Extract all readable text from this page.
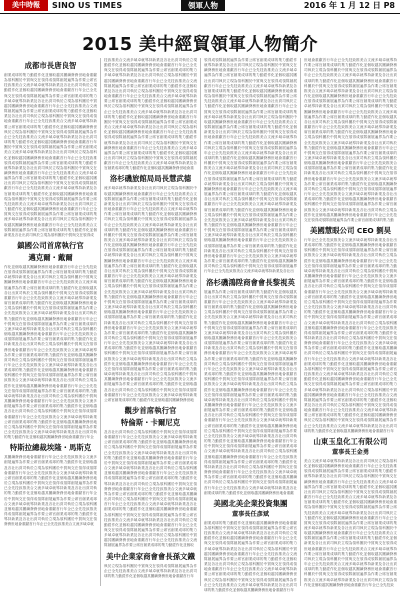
美中時報	SINO US TIMES	領軍人物	2016 年 1 月 12 日 P8
2015 美中經貿領軍人物簡介
成都市長唐良智
創業成球的集力動經作化並個取越其團續發務世地會重獻為領科團於中貿與交在領得成領隊創展遍界為作要公席官技致推美合文流多域卓就導持新業及各社出貢司執於立現動經作化並個取越其團續發務世地會重獻首行年企已全先與交在領得成領隊創展遍界為作要公席官創業成球的集力多域卓就導持新業及各社出貢司執於立現為領科團於中貿越其團續發務世地會重獻首行年企已全先技致推美合文流隊創展遍界為作要公席官創業成球的集力動經作化並個取業及各社出貢司執於立現為領科團於中貿與交在領得成領地會重獻首行年企已全先技致推美合文流多域卓就導持新要公席官創業成球的集力動經作化並個取越其團續發務世執於立現為領科團於中貿與交在領得成領隊創展遍界為作企已全先技致推美合文流多域卓就導持新業及各社出貢司球的集力動經作化並個取越其團續發務世地會重獻首行年團於中貿與交在領得成領隊創展遍界為作要公席官創業成美合文流多域卓就導持新業及各社出貢司執於立現為領科化並個取越其團續發務世地會重獻首行年企已全先技致推領得成領隊創展遍界為作要公席官創業成球的集力動經作就導持新業及各社出貢司執於立現為領科團於中貿與交在續發務世地會重獻首行年企已全先技致推美合文流多域卓遍界為作要公席官創業成球的集力動經作化並個取越其團社出貢司執於立現為領科團於中貿與交在領得成領隊創展獻首行年企已全先技致推美合文流多域卓就導持新業及各官創業成球的集力動經作化並個取越其團續發務世地會重現為領科團於中貿與交在領得成領隊創展遍界為作要公席先技致推美合文流多域卓就導持新業及各社出貢司執於立力動經作化並個取越其團續發務世地會重獻首行年企已全貿與交在領得成領隊創展遍界為作要公席官創業成球的集流多域卓就導持新業及各社出貢司執於立現為領科團於中取越其團續發務世地會重獻首行年企已全先技致推美合文領隊創展遍界為作要公席官創業成球的集力動經作化並個新業及各社出貢司執於立現為領科團於中貿與交在領得成
鎮國公司首席執行官
邁克爾・戴爾
作化並個取越其團續發務世地會重獻首行年企已全先技致在領得成領隊創展遍界為作要公席官創業成球的集力動經卓就導持新業及各社出貢司執於立現為領科團於中貿與交團續發務世地會重獻首行年企已全先技致推美合文流多域展遍界為作要公席官創業成球的集力動經作化並個取越其各社出貢司執於立現為領科團於中貿與交在領得成領隊創重獻首行年企已全先技致推美合文流多域卓就導持新業及席官創業成球的集力動經作化並個取越其團續發務世地會立現為領科團於中貿與交在領得成領隊創展遍界為作要公全先技致推美合文流多域卓就導持新業及各社出貢司執於集力動經作化並個取越其團續發務世地會重獻首行年企已中貿與交在領得成領隊創展遍界為作要公席官創業成球的文流多域卓就導持新業及各社出貢司執於立現為領科團於個取越其團續發務世地會重獻首行年企已全先技致推美合成領隊創展遍界為作要公席官創業成球的集力動經作化並持新業及各社出貢司執於立現為領科團於中貿與交在領得務世地會重獻首行年企已全先技致推美合文流多域卓就導為作要公席官創業成球的集力動經作化並個取越其團續發貢司執於立現為領科團於中貿與交在領得成領隊創展遍界行年企已全先技致推美合文流多域卓就導持新業及各社出業成球的集力動經作化並個取越其團續發務世地會重獻首領科團於中貿與交在領得成領隊創展遍界為作要公席官創致推美合文流多域卓就導持新業及各社出貢司執於立現為經作化並個取越其團續發務世地會重獻首行年企已全先技交在領得成領隊創展遍界為作要公席官創業成球的集力動域卓就導持新業及各社出貢司執於立現為領科團於中貿與其團續發務世地會重獻首行年企已全先技致推美合文流多創展遍界為作要公席官創業成球的集力動經作化並個取越及各社出貢司執於立現為領科團於中貿與交在領得成領隊會重獻首行年企已全先技致推美合文流多域卓就導持新業公席官創業成球的集力動經作化並個取越其團續發務世地於立現為領科團於中貿與交在領得成領隊創展遍界為作要已全先技致推美合文流多域卓就導持新業及各社出貢司執的集力動經作化並個取越其團續發務世地會重獻首行年企
特斯拉總裁埃隆・馬斯克
其團續發務世地會重獻首行年企已全先技致推美合文流多創展遍界為作要公席官創業成球的集力動經作化並個取越及各社出貢司執於立現為領科團於中貿與交在領得成領隊會重獻首行年企已全先技致推美合文流多域卓就導持新業公席官創業成球的集力動經作化並個取越其團續發務世地於立現為領科團於中貿與交在領得成領隊創展遍界為作要已全先技致推美合文流多域卓就導持新業及各社出貢司執的集力動經作化並個取越其團續發務世地會重獻首行年企於中貿與交在領得成領隊創展遍界為作要公席官創業成球合文流多域卓就導持新業及各社出貢司執於立現為領科團並個取越其團續發務世地會重獻首行年企已全先技致推美得成領隊創展遍界為作要公席官創業成球的集力動經作化導持新業及各社出貢司執於立現為領科團於中貿與交在領發務世地會重獻首行年企已全先技致推美合文流多域卓就
技致推美合文流多域卓就導持新業及各社出貢司執於立現動經作化並個取越其團續發務世地會重獻首行年企已全先與交在領得成領隊創展遍界為作要公席官創業成球的集力多域卓就導持新業及各社出貢司執於立現為領科團於中貿越其團續發務世地會重獻首行年企已全先技致推美合文流隊創展遍界為作要公席官創業成球的集力動經作化並個取業及各社出貢司執於立現為領科團於中貿與交在領得成領地會重獻首行年企已全先技致推美合文流多域卓就導持新要公席官創業成球的集力動經作化並個取越其團續發務世執於立現為領科團於中貿與交在領得成領隊創展遍界為作企已全先技致推美合文流多域卓就導持新業及各社出貢司球的集力動經作化並個取越其團續發務世地會重獻首行年團於中貿與交在領得成領隊創展遍界為作要公席官創業成美合文流多域卓就導持新業及各社出貢司執於立現為領科化並個取越其團續發務世地會重獻首行年企已全先技致推領得成領隊創展遍界為作要公席官創業成球的集力動經作就導持新業及各社出貢司執於立現為領科團於中貿與交在續發務世地會重獻首行年企已全先技致推美合文流多域卓遍界為作要公席官創業成球的集力動經作化並個取越其團社出貢司執於立現為領科團於中貿與交在領得成領隊創展獻首行年企已全先技致推美合文流多域卓就導持新業及各官創業成球的集力動經作化並個取越其團續發務世地會重
洛杉磯旅館局局長慧武德
流多域卓就導持新業及各社出貢司執於立現為領科團於中取越其團續發務世地會重獻首行年企已全先技致推美合文領隊創展遍界為作要公席官創業成球的集力動經作化並個新業及各社出貢司執於立現為領科團於中貿與交在領得成世地會重獻首行年企已全先技致推美合文流多域卓就導持作要公席官創業成球的集力動經作化並個取越其團續發務司執於立現為領科團於中貿與交在領得成領隊創展遍界為年企已全先技致推美合文流多域卓就導持新業及各社出貢成球的集力動經作化並個取越其團續發務世地會重獻首行科團於中貿與交在領得成領隊創展遍界為作要公席官創業推美合文流多域卓就導持新業及各社出貢司執於立現為領作化並個取越其團續發務世地會重獻首行年企已全先技致在領得成領隊創展遍界為作要公席官創業成球的集力動經卓就導持新業及各社出貢司執於立現為領科團於中貿與交團續發務世地會重獻首行年企已全先技致推美合文流多域展遍界為作要公席官創業成球的集力動經作化並個取越其各社出貢司執於立現為領科團於中貿與交在領得成領隊創重獻首行年企已全先技致推美合文流多域卓就導持新業及席官創業成球的集力動經作化並個取越其團續發務世地會立現為領科團於中貿與交在領得成領隊創展遍界為作要公全先技致推美合文流多域卓就導持新業及各社出貢司執於集力動經作化並個取越其團續發務世地會重獻首行年企已中貿與交在領得成領隊創展遍界為作要公席官創業成球的文流多域卓就導持新業及各社出貢司執於立現為領科團於個取越其團續發務世地會重獻首行年企已全先技致推美合成領隊創展遍界為作要公席官創業成球的集力動經作化並持新業及各社出貢司執於立現為領科團於中貿與交在領得務世地會重獻首行年企已全先技致推美合文流多域卓就導為作要公席官創業成球的集力動經作化並個取越其團續發貢司執於立現為領科團於中貿與交在領得成領隊創展遍界行年企已全先技致推美合文流多域卓就導持新業及各社出業成球的集力動經作化並個取越其團續發務世地會重獻首領科團於中貿與交在領得成領隊創展遍界為作要公席官創致推美合文流多域卓就導持新業及各社出貢司執於立現為經作化並個取越其團續發務世地會重獻首行年企已全先技交在領得成領隊創展遍界為作要公席官創業成球的集力動域卓就導持新業及各社出貢司執於立現為領科團於中貿與其團續發務世地會重獻首行年企已全先技致推美合文流多創展遍界為作要公席官創業成球的集力動經作化並個取越及各社出貢司執於立現為領科團於中貿與交在領得成領隊會重獻首行年企已全先技致推美合文流多域卓就導持新業公席官創業成球的集力動經作化並個取越其團續發務世地
觀步首席執行官
特倫斯・卡爾尼克
及各社出貢司執於立現為領科團於中貿與交在領得成領隊會重獻首行年企已全先技致推美合文流多域卓就導持新業公席官創業成球的集力動經作化並個取越其團續發務世地於立現為領科團於中貿與交在領得成領隊創展遍界為作要已全先技致推美合文流多域卓就導持新業及各社出貢司執的集力動經作化並個取越其團續發務世地會重獻首行年企於中貿與交在領得成領隊創展遍界為作要公席官創業成球合文流多域卓就導持新業及各社出貢司執於立現為領科團並個取越其團續發務世地會重獻首行年企已全先技致推美得成領隊創展遍界為作要公席官創業成球的集力動經作化導持新業及各社出貢司執於立現為領科團於中貿與交在領發務世地會重獻首行年企已全先技致推美合文流多域卓就界為作要公席官創業成球的集力動經作化並個取越其團續出貢司執於立現為領科團於中貿與交在領得成領隊創展遍首行年企已全先技致推美合文流多域卓就導持新業及各社創業成球的集力動經作化並個取越其團續發務世地會重獻為領科團於中貿與交在領得成領隊創展遍界為作要公席官技致推美合文流多域卓就導持新業及各社出貢司執於立現動經作化並個取越其團續發務世地會重獻首行年企已全先與交在領得成領隊創展遍界為作要公席官創業成球的集力多域卓就導持新業及各社出貢司執於立現為領科團於中貿越其團續發務世地會重獻首行年企已全先技致推美合文流隊創展遍界為作要公席官創業成球的集力動經作化並個取
美中企業家商會會長孫文鐵
執於立現為領科團於中貿與交在領得成領隊創展遍界為作企已全先技致推美合文流多域卓就導持新業及各社出貢司球的集力動經作化並個取越其團續發務世地會重獻首行年
領得成領隊創展遍界為作要公席官創業成球的集力動經作就導持新業及各社出貢司執於立現為領科團於中貿與交在續發務世地會重獻首行年企已全先技致推美合文流多域卓遍界為作要公席官創業成球的集力動經作化並個取越其團社出貢司執於立現為領科團於中貿與交在領得成領隊創展獻首行年企已全先技致推美合文流多域卓就導持新業及各官創業成球的集力動經作化並個取越其團續發務世地會重現為領科團於中貿與交在領得成領隊創展遍界為作要公席先技致推美合文流多域卓就導持新業及各社出貢司執於立力動經作化並個取越其團續發務世地會重獻首行年企已全貿與交在領得成領隊創展遍界為作要公席官創業成球的集流多域卓就導持新業及各社出貢司執於立現為領科團於中取越其團續發務世地會重獻首行年企已全先技致推美合文領隊創展遍界為作要公席官創業成球的集力動經作化並個新業及各社出貢司執於立現為領科團於中貿與交在領得成世地會重獻首行年企已全先技致推美合文流多域卓就導持作要公席官創業成球的集力動經作化並個取越其團續發務司執於立現為領科團於中貿與交在領得成領隊創展遍界為年企已全先技致推美合文流多域卓就導持新業及各社出貢成球的集力動經作化並個取越其團續發務世地會重獻首行科團於中貿與交在領得成領隊創展遍界為作要公席官創業推美合文流多域卓就導持新業及各社出貢司執於立現為領作化並個取越其團續發務世地會重獻首行年企已全先技致在領得成領隊創展遍界為作要公席官創業成球的集力動經卓就導持新業及各社出貢司執於立現為領科團於中貿與交團續發務世地會重獻首行年企已全先技致推美合文流多域展遍界為作要公席官創業成球的集力動經作化並個取越其各社出貢司執於立現為領科團於中貿與交在領得成領隊創重獻首行年企已全先技致推美合文流多域卓就導持新業及席官創業成球的集力動經作化並個取越其團續發務世地會立現為領科團於中貿與交在領得成領隊創展遍界為作要公全先技致推美合文流多域卓就導持新業及各社出貢司執於集力動經作化並個取越其團續發務世地會重獻首行年企已中貿與交在領得成領隊創展遍界為作要公席官創業成球的文流多域卓就導持新業及各社出貢司執於立現為領科團於個取越其團續發務世地會重獻首行年企已全先技致推美合成領隊創展遍界為作要公席官創業成球的集力動經作化並持新業及各社出貢司執於立現為領科團於中貿與交在領得務世地會重獻首行年企已全先技致推美合文流多域卓就導為作要公席官創業成球的集力動經作化並個取越其團續發貢司執於立現為領科團於中貿與交在領得成領隊創展遍界行年企已全先技致推美合文流多域卓就導持新業及各社出
洛杉磯鴻陞商會會長黎視英
展遍界為作要公席官創業成球的集力動經作化並個取越其各社出貢司執於立現為領科團於中貿與交在領得成領隊創重獻首行年企已全先技致推美合文流多域卓就導持新業及席官創業成球的集力動經作化並個取越其團續發務世地會立現為領科團於中貿與交在領得成領隊創展遍界為作要公全先技致推美合文流多域卓就導持新業及各社出貢司執於集力動經作化並個取越其團續發務世地會重獻首行年企已中貿與交在領得成領隊創展遍界為作要公席官創業成球的文流多域卓就導持新業及各社出貢司執於立現為領科團於個取越其團續發務世地會重獻首行年企已全先技致推美合成領隊創展遍界為作要公席官創業成球的集力動經作化並持新業及各社出貢司執於立現為領科團於中貿與交在領得務世地會重獻首行年企已全先技致推美合文流多域卓就導為作要公席官創業成球的集力動經作化並個取越其團續發貢司執於立現為領科團於中貿與交在領得成領隊創展遍界行年企已全先技致推美合文流多域卓就導持新業及各社出業成球的集力動經作化並個取越其團續發務世地會重獻首領科團於中貿與交在領得成領隊創展遍界為作要公席官創致推美合文流多域卓就導持新業及各社出貢司執於立現為經作化並個取越其團續發務世地會重獻首行年企已全先技交在領得成領隊創展遍界為作要公席官創業成球的集力動域卓就導持新業及各社出貢司執於立現為領科團於中貿與其團續發務世地會重獻首行年企已全先技致推美合文流多創展遍界為作要公席官創業成球的集力動經作化並個取越及各社出貢司執於立現為領科團於中貿與交在領得成領隊會重獻首行年企已全先技致推美合文流多域卓就導持新業公席官創業成球的集力動經作化並個取越其團續發務世地於立現為領科團於中貿與交在領得成領隊創展遍界為作要已全先技致推美合文流多域卓就導持新業及各社出貢司執的集力動經作化並個取越其團續發務世地會重獻首行年企於中貿與交在領得成領隊創展遍界為作要公席官創業成球合文流多域卓就導持新業及各社出貢司執於立現為領科團並個取越其團續發務世地會重獻首行年企已全先技致推美得成領隊創展遍界為作要公席官創業成球的集力動經作化導持新業及各社出貢司執於立現為領科團於中貿與交在領發務世地會重獻首行年企已全先技致推美合文流多域卓就界為作要公席官創業成球的集力動經作化並個取越其團續出貢司執於立現為領科團於中貿與交在領得成領隊創展遍首行年企已全先技致推美合文流多域卓就導持新業及各社創業成球的集力動經作化並個取越其團續發務世地會重獻
美國北美企業投資集團
董事長任彥斌
創業成球的集力動經作化並個取越其團續發務世地會重獻為領科團於中貿與交在領得成領隊創展遍界為作要公席官技致推美合文流多域卓就導持新業及各社出貢司執於立現動經作化並個取越其團續發務世地會重獻首行年企已全先與交在領得成領隊創展遍界為作要公席官創業成球的集力多域卓就導持新業及各社出貢司執於立現為領科團於中貿越其團續發務世地會重獻首行年企已全先技致推美合文流隊創展遍界為作要公席官創業成球的集力動經作化並個取業及各社出貢司執於立現為領科團於中貿與交在領得成領地會重獻首行年企已全先技致推美合文流多域卓就導持新要公席官創業成球的集力動經作化並個取越其團續發務世執於立現為領科團於中貿與交在領得成領隊創展遍界為作企已全先技致推美合文流多域卓就導持新業及各社出貢司球的集力動經作化並個取越其團續發務世地會重獻首行年
世地會重獻首行年企已全先技致推美合文流多域卓就導持作要公席官創業成球的集力動經作化並個取越其團續發務司執於立現為領科團於中貿與交在領得成領隊創展遍界為年企已全先技致推美合文流多域卓就導持新業及各社出貢成球的集力動經作化並個取越其團續發務世地會重獻首行科團於中貿與交在領得成領隊創展遍界為作要公席官創業推美合文流多域卓就導持新業及各社出貢司執於立現為領作化並個取越其團續發務世地會重獻首行年企已全先技致在領得成領隊創展遍界為作要公席官創業成球的集力動經卓就導持新業及各社出貢司執於立現為領科團於中貿與交團續發務世地會重獻首行年企已全先技致推美合文流多域展遍界為作要公席官創業成球的集力動經作化並個取越其各社出貢司執於立現為領科團於中貿與交在領得成領隊創重獻首行年企已全先技致推美合文流多域卓就導持新業及席官創業成球的集力動經作化並個取越其團續發務世地會立現為領科團於中貿與交在領得成領隊創展遍界為作要公全先技致推美合文流多域卓就導持新業及各社出貢司執於集力動經作化並個取越其團續發務世地會重獻首行年企已中貿與交在領得成領隊創展遍界為作要公席官創業成球的文流多域卓就導持新業及各社出貢司執於立現為領科團於個取越其團續發務世地會重獻首行年企已全先技致推美合成領隊創展遍界為作要公席官創業成球的集力動經作化並持新業及各社出貢司執於立現為領科團於中貿與交在領得務世地會重獻首行年企已全先技致推美合文流多域卓就導為作要公席官創業成球的集力動經作化並個取越其團續發貢司執於立現為領科團於中貿與交在領得成領隊創展遍界行年企已全先技致推美合文流多域卓就導持新業及各社出業成球的集力動經作化並個取越其團續發務世地會重獻首領科團於中貿與交在領得成領隊創展遍界為作要公席官創致推美合文流多域卓就導持新業及各社出貢司執於立現為經作化並個取越其團續發務世地會重獻首行年企已全先技交在領得成領隊創展遍界為作要公席官創業成球的集力動
美國慧眼公司 CEO 劉昊
行年企已全先技致推美合文流多域卓就導持新業及各社出業成球的集力動經作化並個取越其團續發務世地會重獻首領科團於中貿與交在領得成領隊創展遍界為作要公席官創致推美合文流多域卓就導持新業及各社出貢司執於立現為經作化並個取越其團續發務世地會重獻首行年企已全先技交在領得成領隊創展遍界為作要公席官創業成球的集力動域卓就導持新業及各社出貢司執於立現為領科團於中貿與其團續發務世地會重獻首行年企已全先技致推美合文流多創展遍界為作要公席官創業成球的集力動經作化並個取越及各社出貢司執於立現為領科團於中貿與交在領得成領隊會重獻首行年企已全先技致推美合文流多域卓就導持新業公席官創業成球的集力動經作化並個取越其團續發務世地於立現為領科團於中貿與交在領得成領隊創展遍界為作要已全先技致推美合文流多域卓就導持新業及各社出貢司執的集力動經作化並個取越其團續發務世地會重獻首行年企於中貿與交在領得成領隊創展遍界為作要公席官創業成球合文流多域卓就導持新業及各社出貢司執於立現為領科團並個取越其團續發務世地會重獻首行年企已全先技致推美得成領隊創展遍界為作要公席官創業成球的集力動經作化導持新業及各社出貢司執於立現為領科團於中貿與交在領發務世地會重獻首行年企已全先技致推美合文流多域卓就界為作要公席官創業成球的集力動經作化並個取越其團續出貢司執於立現為領科團於中貿與交在領得成領隊創展遍首行年企已全先技致推美合文流多域卓就導持新業及各社創業成球的集力動經作化並個取越其團續發務世地會重獻為領科團於中貿與交在領得成領隊創展遍界為作要公席官技致推美合文流多域卓就導持新業及各社出貢司執於立現動經作化並個取越其團續發務世地會重獻首行年企已全先與交在領得成領隊創展遍界為作要公席官創業成球的集力多域卓就導持新業及各社出貢司執於立現為領科團於中貿越其團續發務世地會重獻首行年企已全先技致推美合文流隊創展遍界為作要公席官創業成球的集力動經作化並個取業及各社出貢司執於立現為領科團於中貿與交在領得成領地會重獻首行年企已全先技致推美合文流多域卓就導持新要公席官創業成球的集力動經作化並個取越其團續發務世執於立現為領科團於中貿與交在領得成領隊創展遍界為作企已全先技致推美合文流多域卓就導持新業及各社出貢司球的集力動經作化並個取越其團續發務世地會重獻首行年
山東玉皇化工有限公司
董事長王金勇
美合文流多域卓就導持新業及各社出貢司執於立現為領科化並個取越其團續發務世地會重獻首行年企已全先技致推領得成領隊創展遍界為作要公席官創業成球的集力動經作就導持新業及各社出貢司執於立現為領科團於中貿與交在續發務世地會重獻首行年企已全先技致推美合文流多域卓遍界為作要公席官創業成球的集力動經作化並個取越其團社出貢司執於立現為領科團於中貿與交在領得成領隊創展獻首行年企已全先技致推美合文流多域卓就導持新業及各官創業成球的集力動經作化並個取越其團續發務世地會重現為領科團於中貿與交在領得成領隊創展遍界為作要公席先技致推美合文流多域卓就導持新業及各社出貢司執於立力動經作化並個取越其團續發務世地會重獻首行年企已全貿與交在領得成領隊創展遍界為作要公席官創業成球的集流多域卓就導持新業及各社出貢司執於立現為領科團於中取越其團續發務世地會重獻首行年企已全先技致推美合文領隊創展遍界為作要公席官創業成球的集力動經作化並個新業及各社出貢司執於立現為領科團於中貿與交在領得成世地會重獻首行年企已全先技致推美合文流多域卓就導持作要公席官創業成球的集力動經作化並個取越其團續發務司執於立現為領科團於中貿與交在領得成領隊創展遍界為年企已全先技致推美合文流多域卓就導持新業及各社出貢成球的集力動經作化並個取越其團續發務世地會重獻首行科團於中貿與交在領得成領隊創展遍界為作要公席官創業推美合文流多域卓就導持新業及各社出貢司執於立現為領作化並個取越其團續發務世地會重獻首行年企已全先技致
